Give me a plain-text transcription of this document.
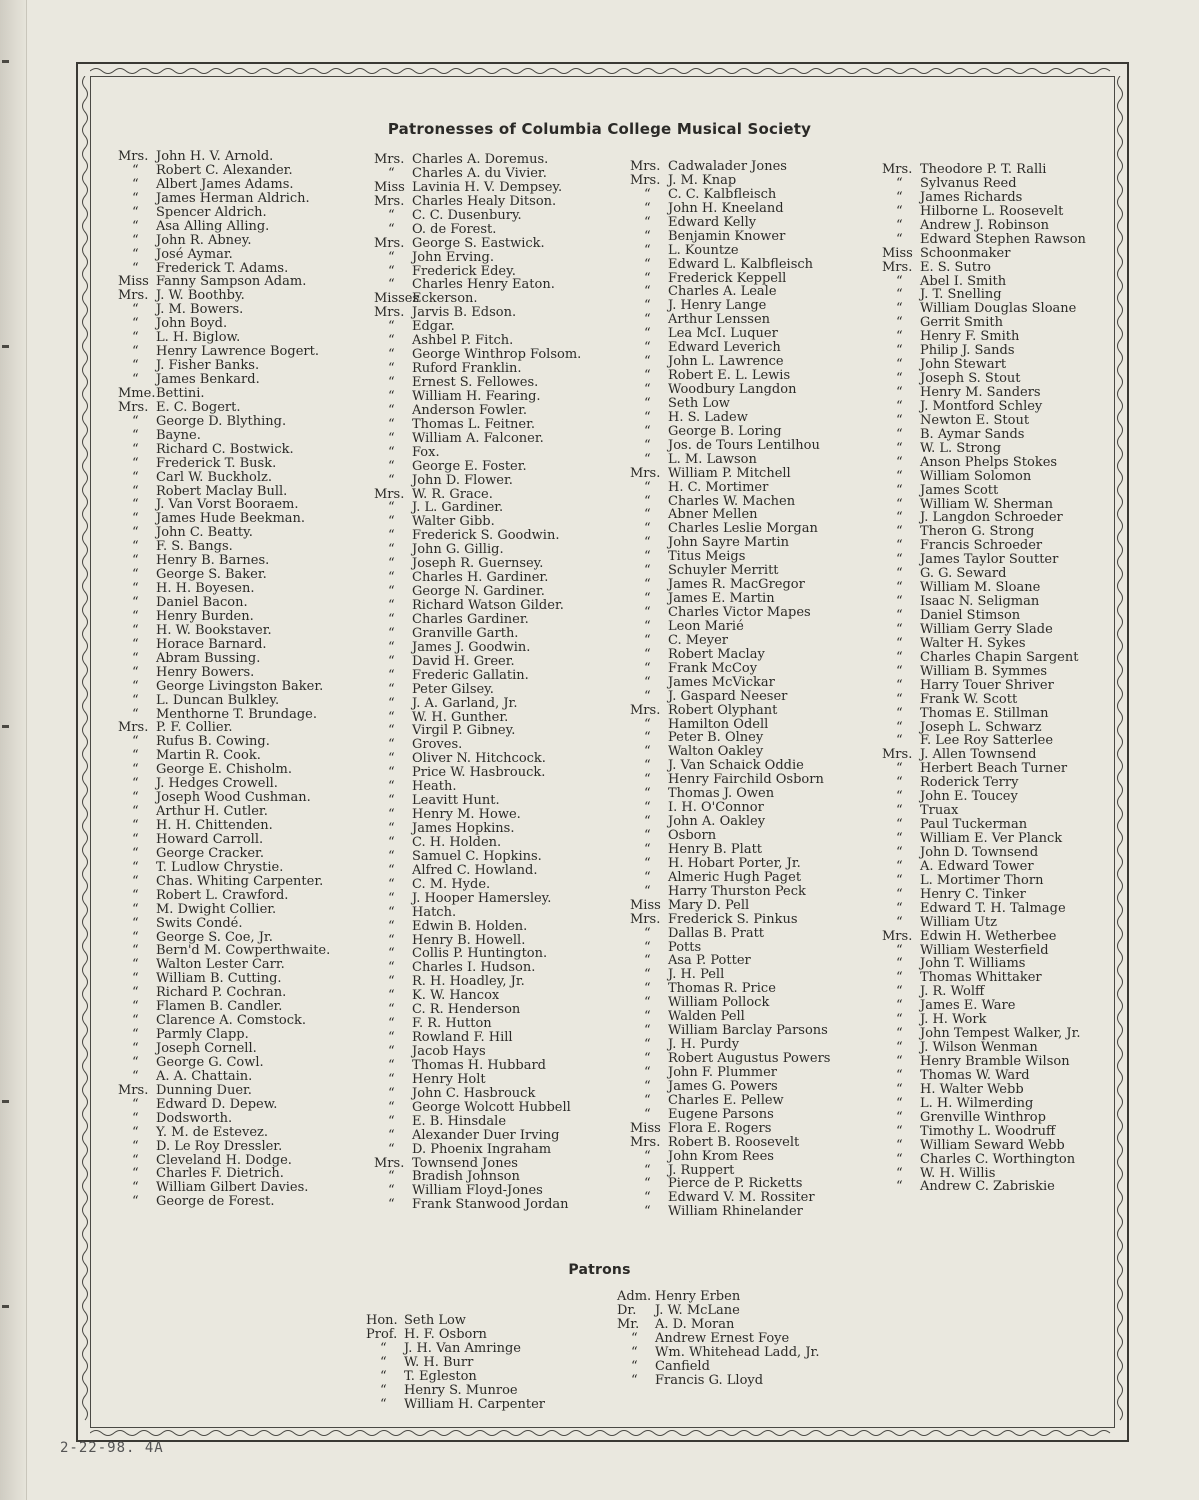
Patronesses of Columbia College Musical Society
Mrs. John H. V. Arnold.
“	Robert C. Alexander.
“	Albert James Adams.
“	James Herman Aldrich.
“	Spencer Aldrich.
“	Asa Alling Alling.
“	John R. Abney.
“	José Aymar.
“	Frederick T. Adams.
Miss Fanny Sampson Adam.
Mrs. J. W. Boothby.
“	J. M. Bowers.
“	John Boyd.
“	L. H. Biglow.
“	Henry Lawrence Bogert.
“	J. Fisher Banks.
“	James Benkard.
Mme. Bettini.
Mrs. E. C. Bogert.
“	George D. Blything.
“	Bayne.
“	Richard C. Bostwick.
“	Frederick T. Busk.
“	Carl W. Buckholz.
“	Robert Maclay Bull.
“	J. Van Vorst Booraem.
“	James Hude Beekman.
“	John C. Beatty.
“	F. S. Bangs.
“	Henry B. Barnes.
“	George S. Baker.
“	H. H. Boyesen.
“	Daniel Bacon.
“	Henry Burden.
“	H. W. Bookstaver.
“	Horace Barnard.
“	Abram Bussing.
“	Henry Bowers.
“	George Livingston Baker.
“	L. Duncan Bulkley.
“	Menthorne T. Brundage.
Mrs. P. F. Collier.
“	Rufus B. Cowing.
“	Martin R. Cook.
“	George E. Chisholm.
“	J. Hedges Crowell.
“	Joseph Wood Cushman.
“	Arthur H. Cutler.
“	H. H. Chittenden.
“	Howard Carroll.
“	George Cracker.
“	T. Ludlow Chrystie.
“	Chas. Whiting Carpenter.
“	Robert L. Crawford.
“	M. Dwight Collier.
“	Swits Condé.
“	George S. Coe, Jr.
“	Bern'd M. Cowperthwaite.
“	Walton Lester Carr.
“	William B. Cutting.
“	Richard P. Cochran.
“	Flamen B. Candler.
“	Clarence A. Comstock.
“	Parmly Clapp.
“	Joseph Cornell.
“	George G. Cowl.
“	A. A. Chattain.
Mrs. Dunning Duer.
“	Edward D. Depew.
“	Dodsworth.
“	Y. M. de Estevez.
“	D. Le Roy Dressler.
“	Cleveland H. Dodge.
“	Charles F. Dietrich.
“	William Gilbert Davies.
“	George de Forest.
Mrs. Charles A. Doremus.
“	Charles A. du Vivier.
Miss Lavinia H. V. Dempsey.
Mrs. Charles Healy Ditson.
“	C. C. Dusenbury.
“	O. de Forest.
Mrs. George S. Eastwick.
“	John Erving.
“	Frederick Edey.
“	Charles Henry Eaton.
Misses
Eckerson.
Mrs. Jarvis B. Edson.
“	Edgar.
“	Ashbel P. Fitch.
“	George Winthrop Folsom.
“	Ruford Franklin.
“	Ernest S. Fellowes.
“	William H. Fearing.
“	Anderson Fowler.
“	Thomas L. Feitner.
“	William A. Falconer.
“	Fox.
“	George E. Foster.
“	John D. Flower.
Mrs. W. R. Grace.
“	J. L. Gardiner.
“	Walter Gibb.
“	Frederick S. Goodwin.
“	John G. Gillig.
“	Joseph R. Guernsey.
“	Charles H. Gardiner.
“	George N. Gardiner.
“	Richard Watson Gilder.
“	Charles Gardiner.
“	Granville Garth.
“	James J. Goodwin.
“	David H. Greer.
“	Frederic Gallatin.
“	Peter Gilsey.
“	J. A. Garland, Jr.
“	W. H. Gunther.
“	Virgil P. Gibney.
“	Groves.
“	Oliver N. Hitchcock.
“	Price W. Hasbrouck.
“	Heath.
“	Leavitt Hunt.
“	Henry M. Howe.
“	James Hopkins.
“	C. H. Holden.
“	Samuel C. Hopkins.
“	Alfred C. Howland.
“	C. M. Hyde.
“	J. Hooper Hamersley.
“	Hatch.
“	Edwin B. Holden.
“	Henry B. Howell.
“	Collis P. Huntington.
“	Charles I. Hudson.
“	R. H. Hoadley, Jr.
“	K. W. Hancox
“	C. R. Henderson
“	F. R. Hutton
“	Rowland F. Hill
“	Jacob Hays
“	Thomas H. Hubbard
“	Henry Holt
“	John C. Hasbrouck
“	George Wolcott Hubbell
“	E. B. Hinsdale
“	Alexander Duer Irving
“	D. Phoenix Ingraham
Mrs. Townsend Jones
“	Bradish Johnson
“	William Floyd-Jones
“	Frank Stanwood Jordan
Mrs. Cadwalader Jones
Mrs. J. M. Knap
“	C. C. Kalbfleisch
“	John H. Kneeland
“	Edward Kelly
“	Benjamin Knower
“	L. Kountze
“	Edward L. Kalbfleisch
“	Frederick Keppell
“	Charles A. Leale
“	J. Henry Lange
“	Arthur Lenssen
“	Lea McI. Luquer
“	Edward Leverich
“	John L. Lawrence
“	Robert E. L. Lewis
“	Woodbury Langdon
“	Seth Low
“	H. S. Ladew
“	George B. Loring
“	Jos. de Tours Lentilhou
“	L. M. Lawson
Mrs. William P. Mitchell
“	H. C. Mortimer
“	Charles W. Machen
“	Abner Mellen
“	Charles Leslie Morgan
“	John Sayre Martin
“	Titus Meigs
“	Schuyler Merritt
“	James R. MacGregor
“	James E. Martin
“	Charles Victor Mapes
“	Leon Marié
“	C. Meyer
“	Robert Maclay
“	Frank McCoy
“	James McVickar
“	J. Gaspard Neeser
Mrs. Robert Olyphant
“	Hamilton Odell
“	Peter B. Olney
“	Walton Oakley
“	J. Van Schaick Oddie
“	Henry Fairchild Osborn
“	Thomas J. Owen
“	I. H. O'Connor
“	John A. Oakley
“	Osborn
“	Henry B. Platt
“	H. Hobart Porter, Jr.
“	Almeric Hugh Paget
“	Harry Thurston Peck
Miss Mary D. Pell
Mrs. Frederick S. Pinkus
“	Dallas B. Pratt
“	Potts
“	Asa P. Potter
“	J. H. Pell
“	Thomas R. Price
“	William Pollock
“	Walden Pell
“	William Barclay Parsons
“	J. H. Purdy
“	Robert Augustus Powers
“	John F. Plummer
“	James G. Powers
“	Charles E. Pellew
“	Eugene Parsons
Miss Flora E. Rogers
Mrs. Robert B. Roosevelt
“	John Krom Rees
“	J. Ruppert
“	Pierce de P. Ricketts
“	Edward V. M. Rossiter
“	William Rhinelander
Mrs. Theodore P. T. Ralli
“	Sylvanus Reed
“	James Richards
“	Hilborne L. Roosevelt
“	Andrew J. Robinson
“	Edward Stephen Rawson
Miss Schoonmaker
Mrs. E. S. Sutro
“	Abel I. Smith
“	J. T. Snelling
“	William Douglas Sloane
“	Gerrit Smith
“	Henry F. Smith
“	Philip J. Sands
“	John Stewart
“	Joseph S. Stout
“	Henry M. Sanders
“	J. Montford Schley
“	Newton E. Stout
“	B. Aymar Sands
“	W. L. Strong
“	Anson Phelps Stokes
“	William Solomon
“	James Scott
“	William W. Sherman
“	J. Langdon Schroeder
“	Theron G. Strong
“	Francis Schroeder
“	James Taylor Soutter
“	G. G. Seward
“	William M. Sloane
“	Isaac N. Seligman
“	Daniel Stimson
“	William Gerry Slade
“	Walter H. Sykes
“	Charles Chapin Sargent
“	William B. Symmes
“	Harry Touer Shriver
“	Frank W. Scott
“	Thomas E. Stillman
“	Joseph L. Schwarz
“	F. Lee Roy Satterlee
Mrs. J. Allen Townsend
“	Herbert Beach Turner
“	Roderick Terry
“	John E. Toucey
“	Truax
“	Paul Tuckerman
“	William E. Ver Planck
“	John D. Townsend
“	A. Edward Tower
“	L. Mortimer Thorn
“	Henry C. Tinker
“	Edward T. H. Talmage
“	William Utz
Mrs. Edwin H. Wetherbee
“	William Westerfield
“	John T. Williams
“	Thomas Whittaker
“	J. R. Wolff
“	James E. Ware
“	J. H. Work
“	John Tempest Walker, Jr.
“	J. Wilson Wenman
“	Henry Bramble Wilson
“	Thomas W. Ward
“	H. Walter Webb
“	L. H. Wilmerding
“	Grenville Winthrop
“	Timothy L. Woodruff
“	William Seward Webb
“	Charles C. Worthington
“	W. H. Willis
“	Andrew C. Zabriskie
Patrons
Hon. Seth Low
Prof. H. F. Osborn
“	J. H. Van Amringe
“	W. H. Burr
“	T. Egleston
“	Henry S. Munroe
“	William H. Carpenter
Adm. Henry Erben
Dr.	J. W. McLane
Mr.	A. D. Moran
“	Andrew Ernest Foye
“	Wm. Whitehead Ladd, Jr.
“	Canfield
“	Francis G. Lloyd
2-22-98. 4A
